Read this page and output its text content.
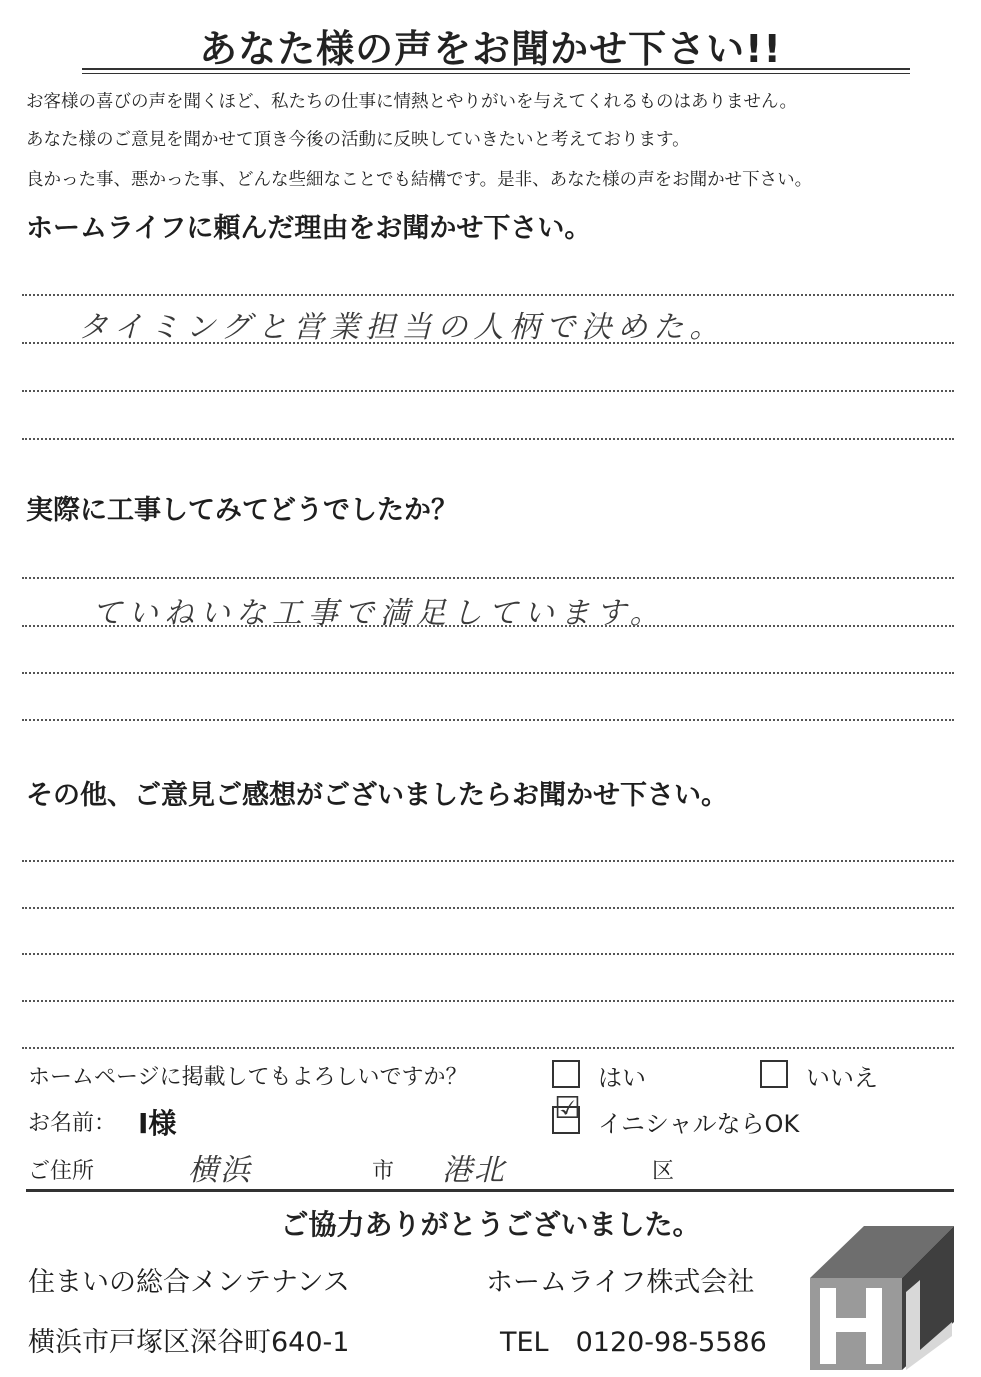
あなた様の声をお聞かせ下さい!!
お客様の喜びの声を聞くほど、私たちの仕事に情熱とやりがいを与えてくれるものはありません。
あなた様のご意見を聞かせて頂き今後の活動に反映していきたいと考えております。
良かった事、悪かった事、どんな些細なことでも結構です。是非、あなた様の声をお聞かせ下さい。
ホームライフに頼んだ理由をお聞かせ下さい。
タイミングと営業担当の人柄で決めた。
実際に工事してみてどうでしたか？
ていねいな工事で満足しています。
その他、ご意見ご感想がございましたらお聞かせ下さい。
ホームページに掲載してもよろしいですか？	はい	いいえ
お名前： I様	☑ イニシャルならOK
ご住所	横浜	市 港北	区
ご協力ありがとうございました。
住まいの総合メンテナンス	ホームライフ株式会社
横浜市戸塚区深谷町640-1	TEL　0120-98-5586
